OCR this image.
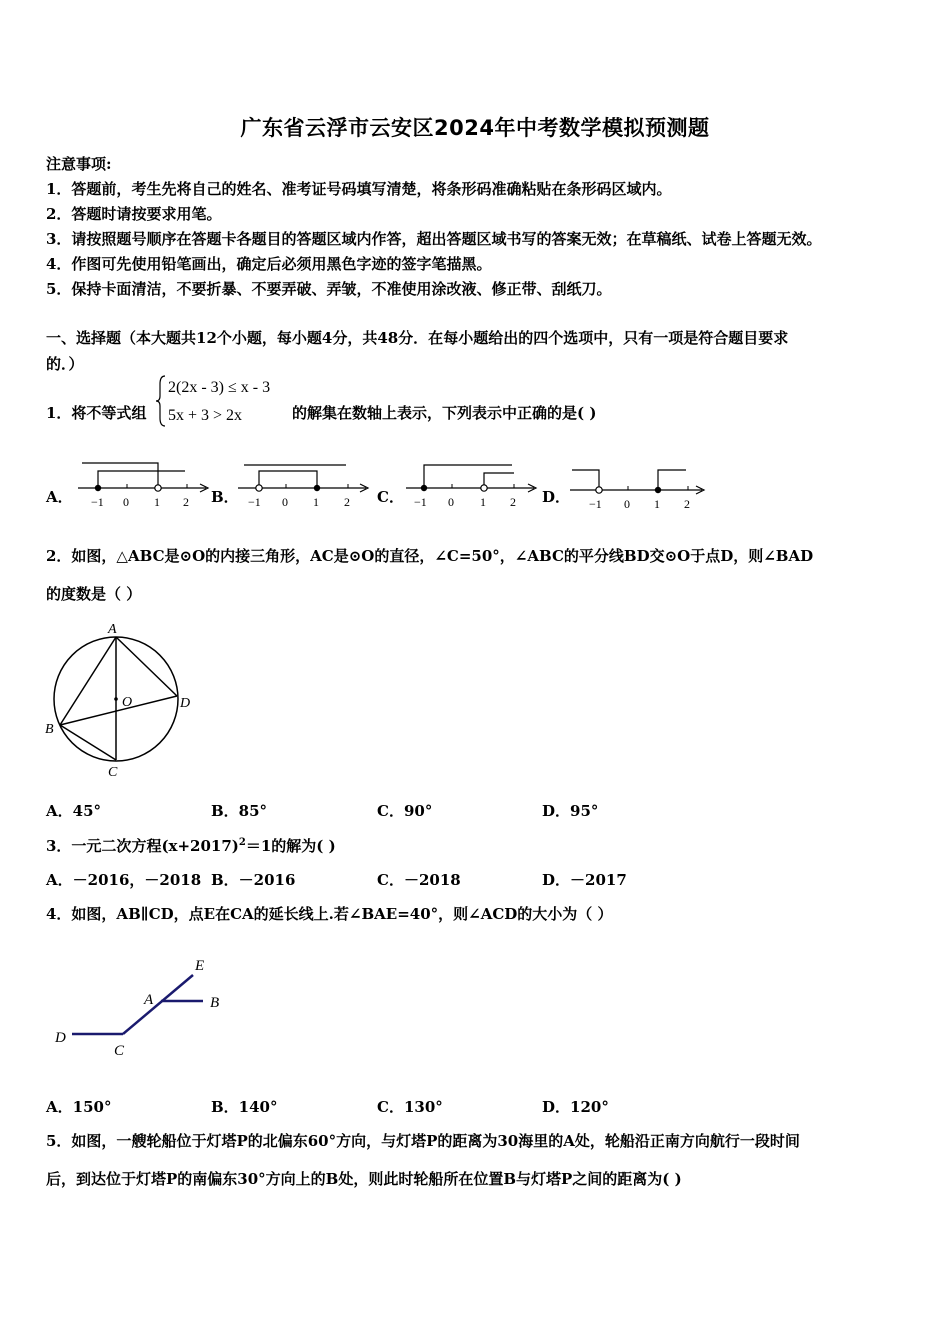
广东省云浮市云安区2024年中考数学模拟预测题
注意事项:
1．答题前，考生先将自己的姓名、准考证号码填写清楚，将条形码准确粘贴在条形码区域内。
2．答题时请按要求用笔。
3．请按照题号顺序在答题卡各题目的答题区域内作答，超出答题区域书写的答案无效；在草稿纸、试卷上答题无效。
4．作图可先使用铅笔画出，确定后必须用黑色字迹的签字笔描黑。
5．保持卡面清洁，不要折暴、不要弄破、弄皱，不准使用涂改液、修正带、刮纸刀。
一、选择题（本大题共12个小题，每小题4分，共48分．在每小题给出的四个选项中，只有一项是符合题目要求
的．）
1．将不等式组
2(2x - 3) ≤ x - 3
5x + 3 > 2x	的解集在数轴上表示，下列表示中正确的是( )
A． −1 0 1 2 B． −1 0 1 2 C． −1 0 1 2 D． −1 0 1 2
2．如图，△ABC是⊙O的内接三角形，AC是⊙O的直径，∠C=50°，∠ABC的平分线BD交⊙O于点D，则∠BAD
的度数是（ ）
A
O	D
B
C
A．45°	B．85°	C．90°	D．95°
3．一元二次方程$(x+2017)^2=1$的解为( )
A．－2016，－2018 B．－2016	C．－2018	D．－2017
4．如图，AB∥CD，点E在CA的延长线上.若∠BAE=40°，则∠ACD的大小为（ ）
E
A	B
D
C
A．150°	B．140°	C．130°	D．120°
5．如图，一艘轮船位于灯塔P的北偏东60°方向，与灯塔P的距离为30海里的A处，轮船沿正南方向航行一段时间
后，到达位于灯塔P的南偏东30°方向上的B处，则此时轮船所在位置B与灯塔P之间的距离为( )
